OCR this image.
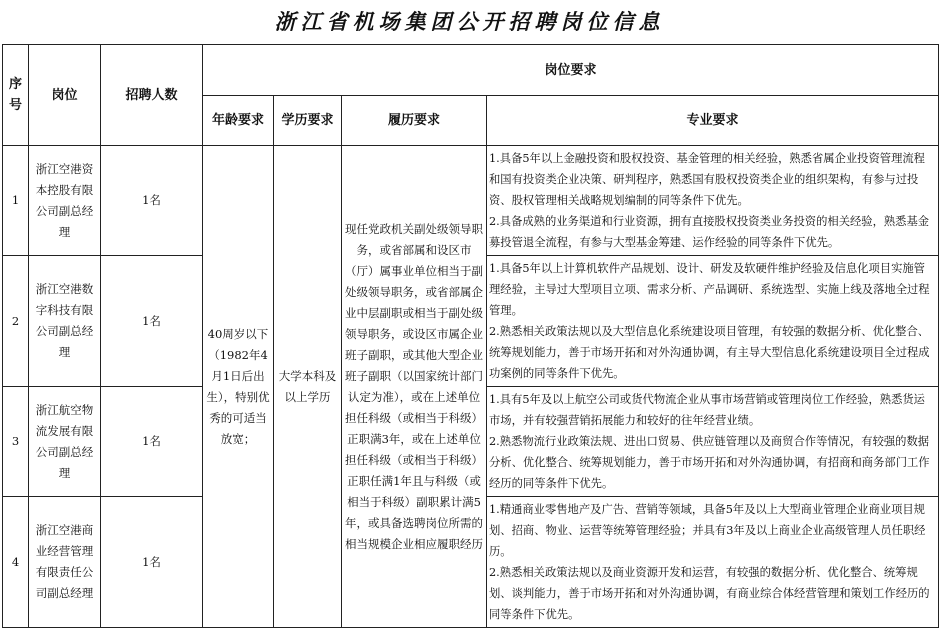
浙江省机场集团公开招聘岗位信息
序号	岗位	招聘人数	岗位要求			
			年龄要求	学历要求	履历要求	专业要求
1	浙江空港资本控股有限公司副总经理	1名	40周岁以下（1982年4月1日后出生），特别优秀的可适当放宽；	大学本科及以上学历	现任党政机关副处级领导职务，或省部属和设区市（厅）属事业单位相当于副处级领导职务，或省部属企业中层副职或相当于副处级领导职务，或设区市属企业班子副职，或其他大型企业班子副职（以国家统计部门认定为准），或在上述单位担任科级（或相当于科级）正职满3年，或在上述单位担任科级（或相当于科级）正职任满1年且与科级（或相当于科级）副职累计满5年，或具备选聘岗位所需的相当规模企业相应履职经历	1.具备5年以上金融投资和股权投资、基金管理的相关经验，熟悉省属企业投资管理流程和国有投资类企业决策、研判程序，熟悉国有股权投资类企业的组织架构，有参与过投资、股权管理相关战略规划编制的同等条件下优先。

2.具备成熟的业务渠道和行业资源，拥有直接股权投资类业务投资的相关经验，熟悉基金募投管退全流程，有参与大型基金筹建、运作经验的同等条件下优先。

2	浙江空港数字科技有限公司副总经理	1名				1.具备5年以上计算机软件产品规划、设计、研发及软硬件维护经验及信息化项目实施管理经验，主导过大型项目立项、需求分析、产品调研、系统选型、实施上线及落地全过程管理。

2.熟悉相关政策法规以及大型信息化系统建设项目管理，有较强的数据分析、优化整合、统筹规划能力，善于市场开拓和对外沟通协调，有主导大型信息化系统建设项目全过程成功案例的同等条件下优先。

3	浙江航空物流发展有限公司副总经理	1名				1.具有5年及以上航空公司或货代物流企业从事市场营销或管理岗位工作经验，熟悉货运市场，并有较强营销拓展能力和较好的往年经营业绩。

2.熟悉物流行业政策法规、进出口贸易、供应链管理以及商贸合作等情况，有较强的数据分析、优化整合、统筹规划能力，善于市场开拓和对外沟通协调，有招商和商务部门工作经历的同等条件下优先。

4	浙江空港商业经营管理有限责任公司副总经理	1名				1.精通商业零售地产及广告、营销等领域，具备5年及以上大型商业管理企业商业项目规划、招商、物业、运营等统筹管理经验；并具有3年及以上商业企业高级管理人员任职经历。

2.熟悉相关政策法规以及商业资源开发和运营，有较强的数据分析、优化整合、统筹规划、谈判能力，善于市场开拓和对外沟通协调，有商业综合体经营管理和策划工作经历的同等条件下优先。
